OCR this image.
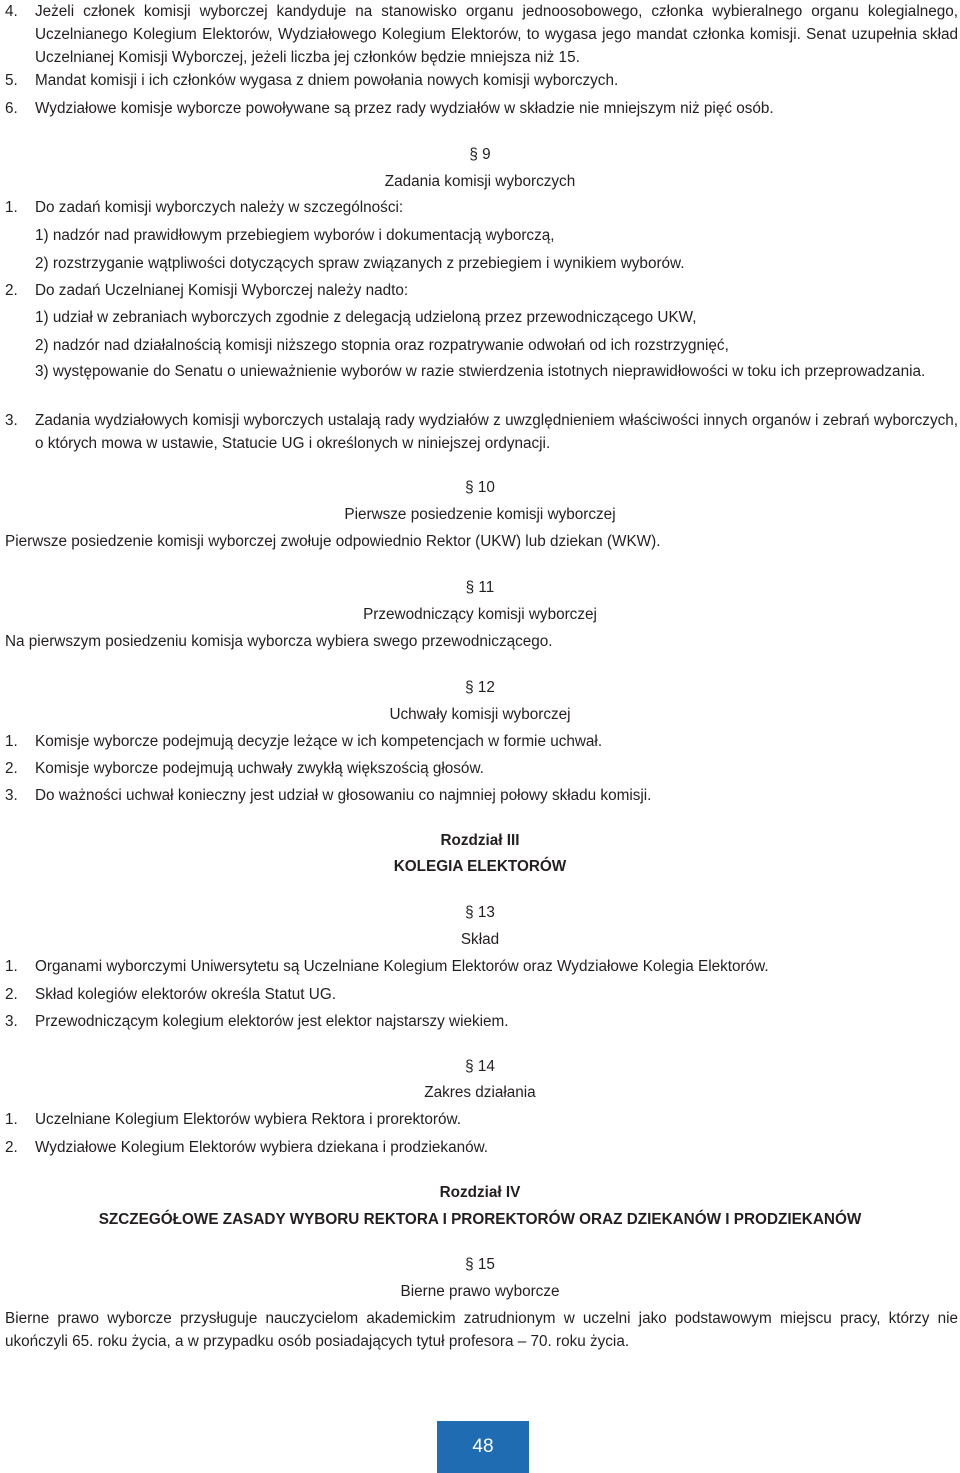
4. Jeżeli członek komisji wyborczej kandyduje na stanowisko organu jednoosobowego, członka wybieralnego organu kolegialnego, Uczelnianego Kolegium Elektorów, Wydziałowego Kolegium Elektorów, to wygasa jego mandat członka komisji. Senat uzupełnia skład Uczelnianej Komisji Wyborczej, jeżeli liczba jej członków będzie mniejsza niż 15.
5. Mandat komisji i ich członków wygasa z dniem powołania nowych komisji wyborczych.
6. Wydziałowe komisje wyborcze powoływane są przez rady wydziałów w składzie nie mniejszym niż pięć osób.
§ 9
Zadania komisji wyborczych
1. Do zadań komisji wyborczych należy w szczególności:
1) nadzór nad prawidłowym przebiegiem wyborów i dokumentacją wyborczą,
2) rozstrzyganie wątpliwości dotyczących spraw związanych z przebiegiem i wynikiem wyborów.
2. Do zadań Uczelnianej Komisji Wyborczej należy nadto:
1) udział w zebraniach wyborczych zgodnie z delegacją udzieloną przez przewodniczącego UKW,
2) nadzór nad działalnością komisji niższego stopnia oraz rozpatrywanie odwołań od ich rozstrzygnięć,
3) występowanie do Senatu o unieważnienie wyborów w razie stwierdzenia istotnych nieprawidłowości w toku ich przeprowadzania.
3. Zadania wydziałowych komisji wyborczych ustalają rady wydziałów z uwzględnieniem właściwości innych organów i zebrań wyborczych, o których mowa w ustawie, Statucie UG i określonych w niniejszej ordynacji.
§ 10
Pierwsze posiedzenie komisji wyborczej
Pierwsze posiedzenie komisji wyborczej zwołuje odpowiednio Rektor (UKW) lub dziekan (WKW).
§ 11
Przewodniczący komisji wyborczej
Na pierwszym posiedzeniu komisja wyborcza wybiera swego przewodniczącego.
§ 12
Uchwały komisji wyborczej
1. Komisje wyborcze podejmują decyzje leżące w ich kompetencjach w formie uchwał.
2. Komisje wyborcze podejmują uchwały zwykłą większością głosów.
3. Do ważności uchwał konieczny jest udział w głosowaniu co najmniej połowy składu komisji.
Rozdział III
KOLEGIA ELEKTORÓW
§ 13
Skład
1. Organami wyborczymi Uniwersytetu są Uczelniane Kolegium Elektorów oraz Wydziałowe Kolegia Elektorów.
2. Skład kolegiów elektorów określa Statut UG.
3. Przewodniczącym kolegium elektorów jest elektor najstarszy wiekiem.
§ 14
Zakres działania
1. Uczelniane Kolegium Elektorów wybiera Rektora i prorektorów.
2. Wydziałowe Kolegium Elektorów wybiera dziekana i prodziekanów.
Rozdział IV
SZCZEGÓŁOWE ZASADY WYBORU REKTORA I PROREKTORÓW ORAZ DZIEKANÓW I PRODZIEKANÓW
§ 15
Bierne prawo wyborcze
Bierne prawo wyborcze przysługuje nauczycielom akademickim zatrudnionym w uczelni jako podstawowym miejscu pracy, którzy nie ukończyli 65. roku życia, a w przypadku osób posiadających tytuł profesora – 70. roku życia.
48
